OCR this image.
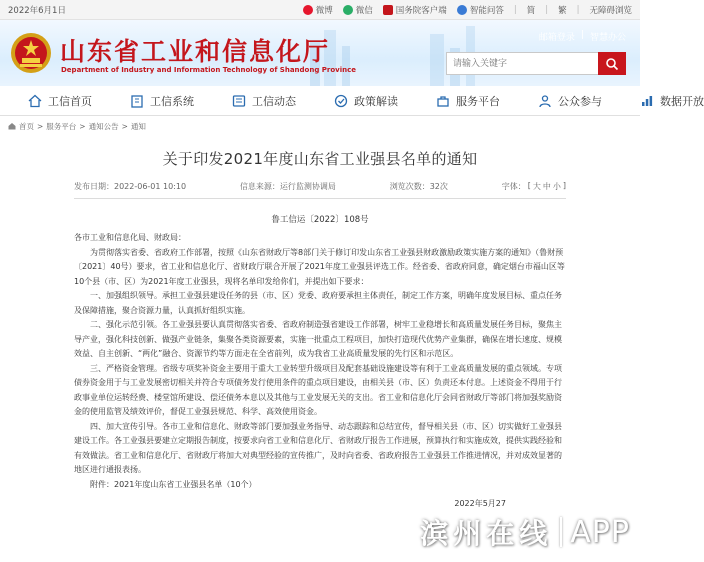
2022年6月1日	微博	微信	国务院客户端	智能问答 | 简 | 繁 | 无障碍浏览
山东省工业和信息化厅
Department of Industry and Information Technology of Shandong Province
邮箱登录 | 智慧办公
请输入关键字
工信首页	工信系统	工信动态	政策解读	服务平台	公众参与	数据开放
首页 > 服务平台 > 通知公告 > 通知
关于印发2021年度山东省工业强县名单的通知
发布日期：2022-06-01 10:10	信息来源：运行监测协调局	浏览次数：32次	字体： [ 大 中 小 ]
鲁工信运〔2022〕108号

各市工业和信息化局、财政局：

为贯彻落实省委、省政府工作部署，按照《山东省财政厅等8部门关于修订印发山东省工业强县财政激励政策实施方案的通知》（鲁财预〔2021〕40号）要求，省工业和信息化厅、省财政厅联合开展了2021年度工业强县评选工作。经省委、省政府同意，确定烟台市福山区等10个县（市、区）为2021年度工业强县，现将名单印发给你们，并提出如下要求：

一、加强组织领导。承担工业强县建设任务的县（市、区）党委、政府要承担主体责任，制定工作方案，明确年度发展目标、重点任务及保障措施，聚合资源力量，认真抓好组织实施。

二、强化示范引领。各工业强县要认真贯彻落实省委、省政府制造强省建设工作部署，树牢工业稳增长和高质量发展任务目标，聚焦主导产业，强化科技创新、做强产业链条，集聚各类资源要素，实施一批重点工程项目，加快打造现代优势产业集群，确保在增长速度、规模效益、自主创新、“两化”融合、资源节约等方面走在全省前列，成为我省工业高质量发展的先行区和示范区。

三、严格资金管理。省级专项奖补资金主要用于重大工业转型升级项目及配套基础设施建设等有利于工业高质量发展的重点领域。专项债券资金用于与工业发展密切相关并符合专项债务发行使用条件的重点项目建设，由相关县（市、区）负责还本付息。上述资金不得用于行政事业单位运转经费、楼堂馆所建设、偿还债务本息以及其他与工业发展无关的支出。省工业和信息化厅会同省财政厅等部门将加强奖励资金的使用监管及绩效评价，督促工业强县规范、科学、高效使用资金。

四、加大宣传引导。各市工业和信息化、财政等部门要加强业务指导、动态跟踪和总结宣传，督导相关县（市、区）切实做好工业强县建设工作。各工业强县要建立定期报告制度，按要求向省工业和信息化厅、省财政厅报告工作进展，预算执行和实施成效，提供实践经验和有效做法。省工业和信息化厅、省财政厅将加大对典型经验的宣传推广，及时向省委、省政府报告工业强县工作推进情况，并对成效显著的地区进行通报表扬。

附件：2021年度山东省工业强县名单（10个）

2022年5月27
滨州在线 APP
